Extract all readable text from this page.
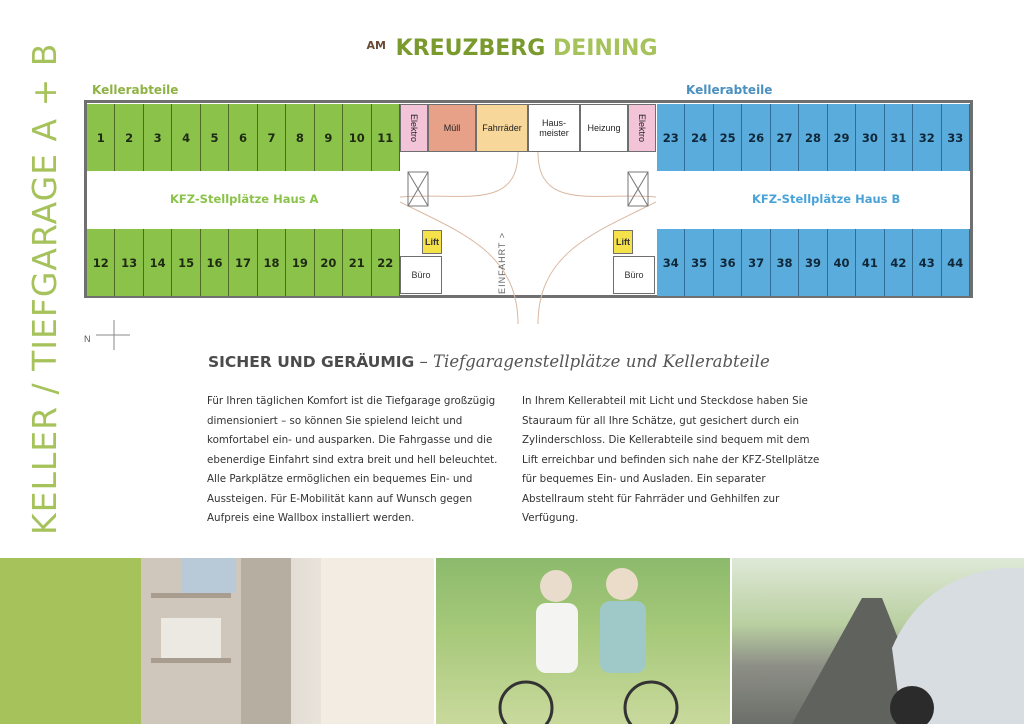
KELLER / TIEFGARAGE A + B	$^{AM}$ KREUZBERG DEINING
Kellerabteile	Kellerabteile
1	2	3	4	5	6	7	8	9	10	11
12	13	14	15	16	17	18	19	20	21	22
23	24	25	26	27	28	29	30	31	32	33
34	35	36	37	38	39	40	41	42	43	44
Elektro	Müll	Fahrräder	Haus-
meister	Heizung	Elektro
Lift
Büro
Lift
Büro
KFZ-Stellplätze Haus A	KFZ-Stellplätze Haus B
EINFAHRT >
N
SICHER UND GERÄUMIG – Tiefgaragenstellplätze und Kellerabteile
Für Ihren täglichen Komfort ist die Tiefgarage großzügig dimensioniert – so können Sie spielend leicht und komfortabel ein- und ausparken. Die Fahrgasse und die ebenerdige Einfahrt sind extra breit und hell beleuchtet. Alle Parkplätze ermöglichen ein bequemes Ein- und Aussteigen. Für E-Mobilität kann auf Wunsch gegen Aufpreis eine Wallbox installiert werden.
In Ihrem Kellerabteil mit Licht und Steckdose haben Sie Stauraum für all Ihre Schätze, gut gesichert durch ein Zylinderschloss. Die Kellerabteile sind bequem mit dem Lift erreichbar und befinden sich nahe der KFZ-Stellplätze für bequemes Ein- und Ausladen. Ein separater Abstellraum steht für Fahrräder und Gehhilfen zur Verfügung.
